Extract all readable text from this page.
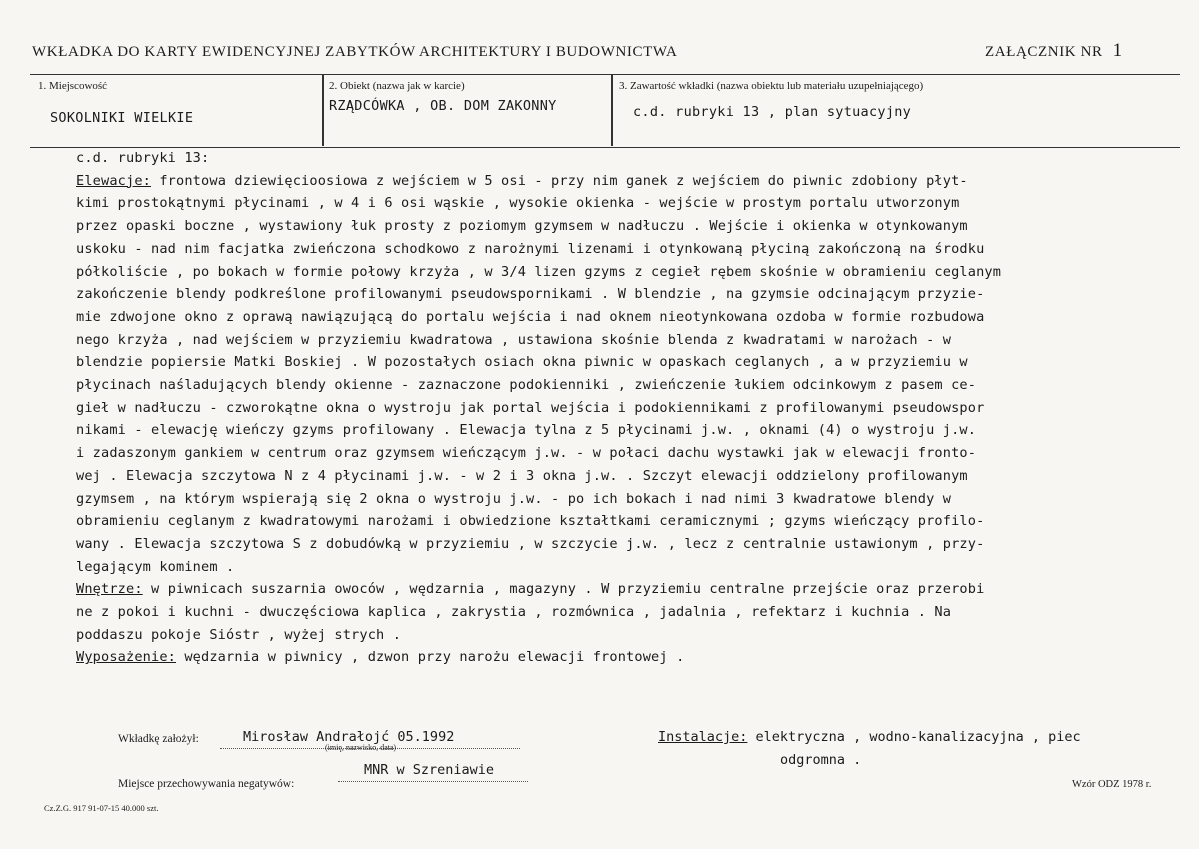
WKŁADKA DO KARTY EWIDENCYJNEJ ZABYTKÓW ARCHITEKTURY I BUDOWNICTWA	ZAŁĄCZNIK NR 1
1. Miejscowość
SOKOLNIKI WIELKIE
2. Obiekt (nazwa jak w karcie)
RZĄDCÓWKA , OB. DOM ZAKONNY
3. Zawartość wkładki (nazwa obiektu lub materiału uzupełniającego)
c.d. rubryki 13 , plan sytuacyjny
c.d. rubryki 13:
Elewacje: frontowa dziewięcioosiowa z wejściem w 5 osi - przy nim ganek z wejściem do piwnic zdobiony płyt-
kimi prostokątnymi płycinami , w 4 i 6 osi wąskie , wysokie okienka - wejście w prostym portalu utworzonym
przez opaski boczne , wystawiony łuk prosty z poziomym gzymsem w nadłuczu . Wejście i okienka w otynkowanym
uskoku - nad nim facjatka zwieńczona schodkowo z narożnymi lizenami i otynkowaną płyciną zakończoną na środku
półkoliście , po bokach w formie połowy krzyża , w 3/4 lizen gzyms z cegieł rębem skośnie w obramieniu ceglanym
zakończenie blendy podkreślone profilowanymi pseudowspornikami . W blendzie , na gzymsie odcinającym przyzie-
mie zdwojone okno z oprawą nawiązującą do portalu wejścia i nad oknem nieotynkowana ozdoba w formie rozbudowa
nego krzyża , nad wejściem w przyziemiu kwadratowa , ustawiona skośnie blenda z kwadratami w narożach - w
blendzie popiersie Matki Boskiej . W pozostałych osiach okna piwnic w opaskach ceglanych , a w przyziemiu w
płycinach naśladujących blendy okienne - zaznaczone podokienniki , zwieńczenie łukiem odcinkowym z pasem ce-
gieł w nadłuczu - czworokątne okna o wystroju jak portal wejścia i podokiennikami z profilowanymi pseudowspor
nikami - elewację wieńczy gzyms profilowany . Elewacja tylna z 5 płycinami j.w. , oknami (4) o wystroju j.w.
i zadaszonym gankiem w centrum oraz gzymsem wieńczącym j.w. - w połaci dachu wystawki jak w elewacji fronto-
wej . Elewacja szczytowa N z 4 płycinami j.w. - w 2 i 3 okna j.w. . Szczyt elewacji oddzielony profilowanym
gzymsem , na którym wspierają się 2 okna o wystroju j.w. - po ich bokach i nad nimi 3 kwadratowe blendy w
obramieniu ceglanym z kwadratowymi narożami i obwiedzione kształtkami ceramicznymi ; gzyms wieńczący profilo-
wany . Elewacja szczytowa S z dobudówką w przyziemiu , w szczycie j.w. , lecz z centralnie ustawionym , przy-
legającym kominem .
Wnętrze: w piwnicach suszarnia owoców , wędzarnia , magazyny . W przyziemiu centralne przejście oraz przerobi
ne z pokoi i kuchni - dwuczęściowa kaplica , zakrystia , rozmównica , jadalnia , refektarz i kuchnia . Na
poddaszu pokoje Sióstr , wyżej strych .
Wyposażenie: wędzarnia w piwnicy , dzwon przy narożu elewacji frontowej .
Wkładkę założył:	Mirosław Andrałojć 05.1992
(imię, nazwisko, data)
Instalacje: elektryczna , wodno-kanalizacyjna , piec
odgromna .
Miejsce przechowywania negatywów:
MNR w Szreniawie
Wzór ODZ 1978 r.
Cz.Z.G. 917 91-07-15 40.000 szt.
